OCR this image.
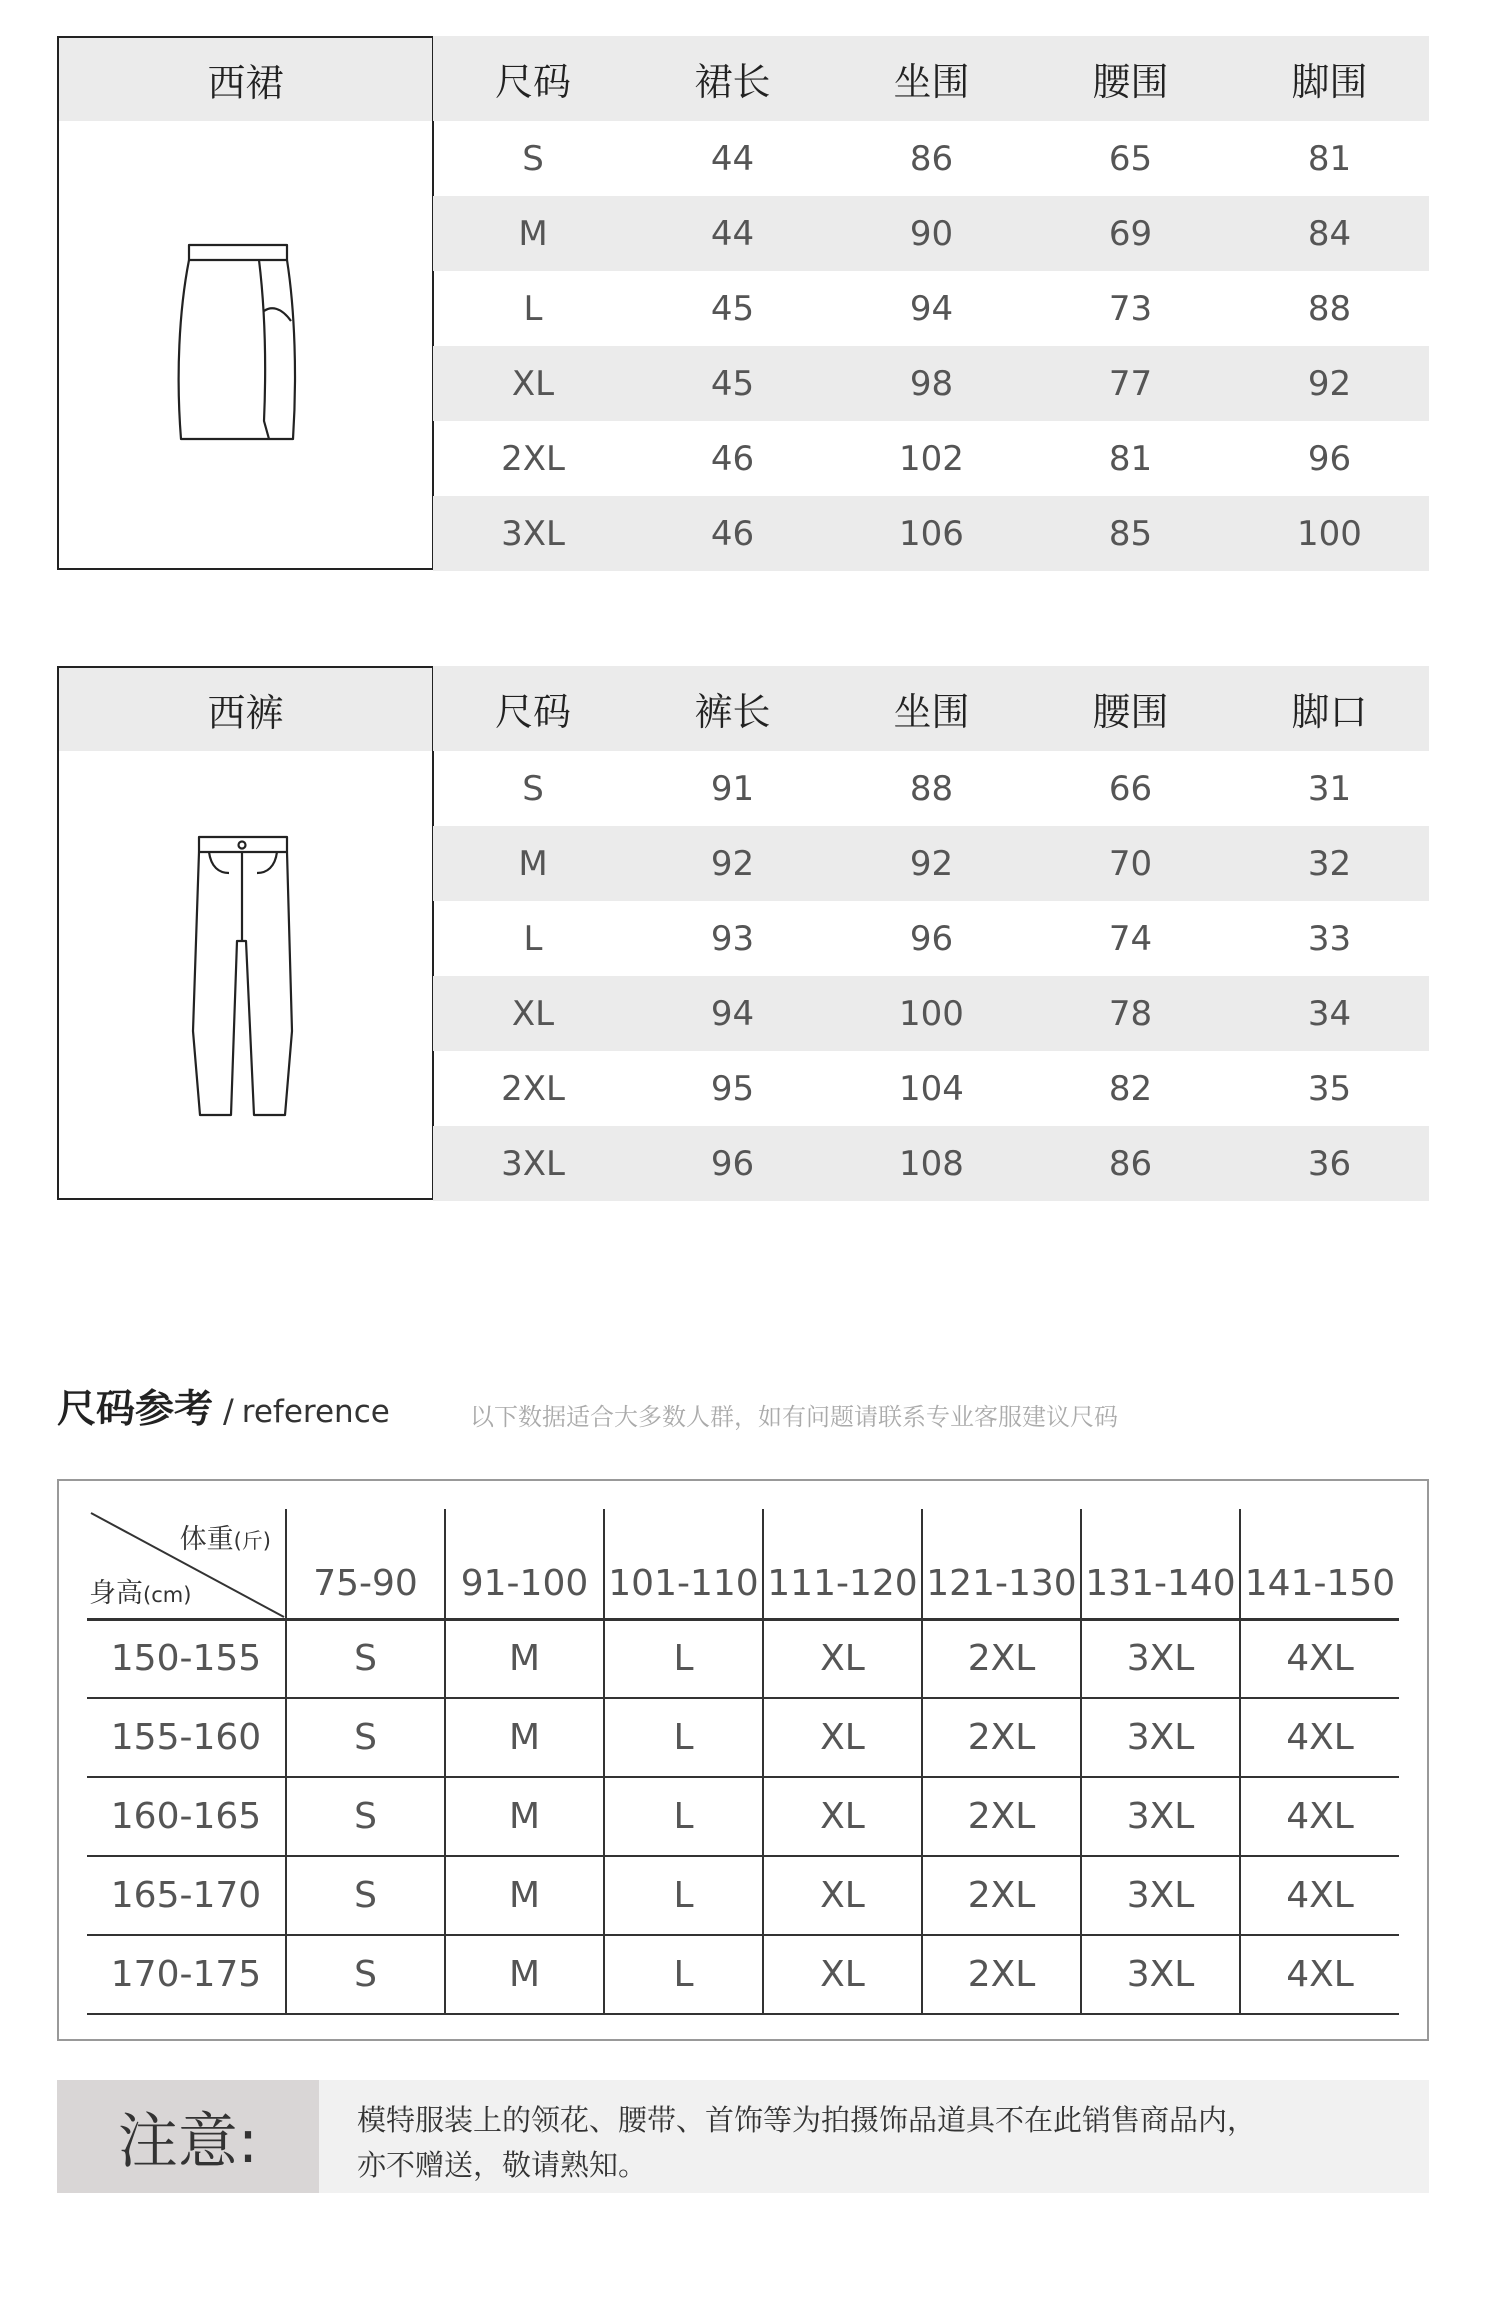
西裙	尺码	裙长	坐围	腰围	脚围
S	44	86	65	81
M	44	90	69	84
L	45	94	73	88
XL	45	98	77	92
2XL	46	102	81	96
3XL	46	106	85	100
西裤	尺码	裤长	坐围	腰围	脚口
S	91	88	66	31
M	92	92	70	32
L	93	96	74	33
XL	94	100	78	34
2XL	95	104	82	35
3XL	96	108	86	36
尺码参考 / reference	以下数据适合大多数人群，如有问题请联系专业客服建议尺码
体重(斤)
身高(cm)	75-90	91-100	101-110	111-120	121-130	131-140	141-150
150-155	S	M	L	XL	2XL	3XL	4XL
155-160	S	M	L	XL	2XL	3XL	4XL
160-165	S	M	L	XL	2XL	3XL	4XL
165-170	S	M	L	XL	2XL	3XL	4XL
170-175	S	M	L	XL	2XL	3XL	4XL
注意:	模特服装上的领花、腰带、首饰等为拍摄饰品道具不在此销售商品内，
亦不赠送，敬请熟知。
